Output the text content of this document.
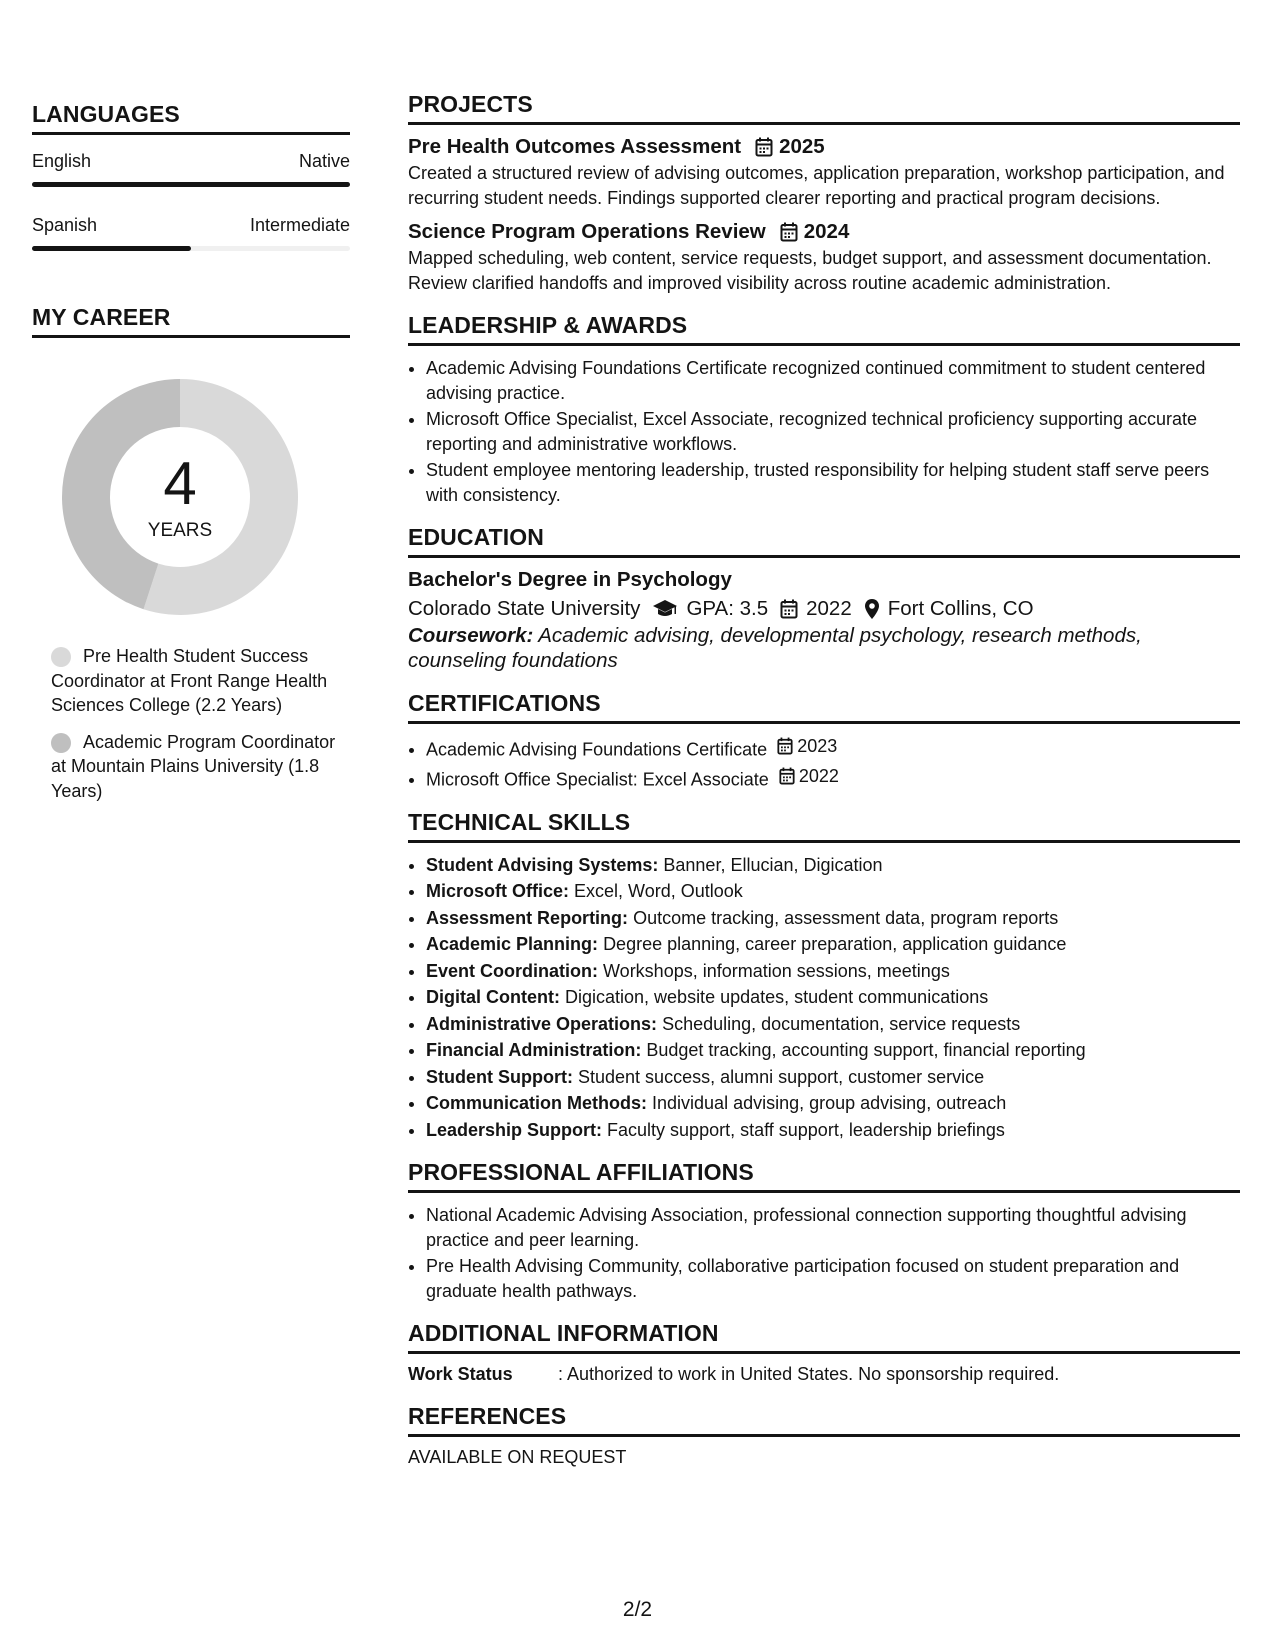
LANGUAGES
English	Native
Spanish	Intermediate
MY CAREER
4
YEARS
Pre Health Student Success Coordinator at Front Range Health Sciences College (2.2 Years)
Academic Program Coordinator at Mountain Plains University (1.8 Years)
PROJECTS
Pre Health Outcomes Assessment 2025
Created a structured review of advising outcomes, application preparation, workshop participation, and recurring student needs. Findings supported clearer reporting and practical program decisions.
Science Program Operations Review 2024
Mapped scheduling, web content, service requests, budget support, and assessment documentation. Review clarified handoffs and improved visibility across routine academic administration.
LEADERSHIP & AWARDS
• Academic Advising Foundations Certificate recognized continued commitment to student centered advising practice.
• Microsoft Office Specialist, Excel Associate, recognized technical proficiency supporting accurate reporting and administrative workflows.
• Student employee mentoring leadership, trusted responsibility for helping student staff serve peers with consistency.
EDUCATION
Bachelor's Degree in Psychology
Colorado State University GPA: 3.5 2022 Fort Collins, CO
Coursework: Academic advising, developmental psychology, research methods, counseling foundations
CERTIFICATIONS
• Academic Advising Foundations Certificate 2023
• Microsoft Office Specialist: Excel Associate 2022
TECHNICAL SKILLS
• Student Advising Systems: Banner, Ellucian, Digication
• Microsoft Office: Excel, Word, Outlook
• Assessment Reporting: Outcome tracking, assessment data, program reports
• Academic Planning: Degree planning, career preparation, application guidance
• Event Coordination: Workshops, information sessions, meetings
• Digital Content: Digication, website updates, student communications
• Administrative Operations: Scheduling, documentation, service requests
• Financial Administration: Budget tracking, accounting support, financial reporting
• Student Support: Student success, alumni support, customer service
• Communication Methods: Individual advising, group advising, outreach
• Leadership Support: Faculty support, staff support, leadership briefings
PROFESSIONAL AFFILIATIONS
• National Academic Advising Association, professional connection supporting thoughtful advising practice and peer learning.
• Pre Health Advising Community, collaborative participation focused on student preparation and graduate health pathways.
ADDITIONAL INFORMATION
Work Status	: Authorized to work in United States. No sponsorship required.
REFERENCES
AVAILABLE ON REQUEST
2/2
